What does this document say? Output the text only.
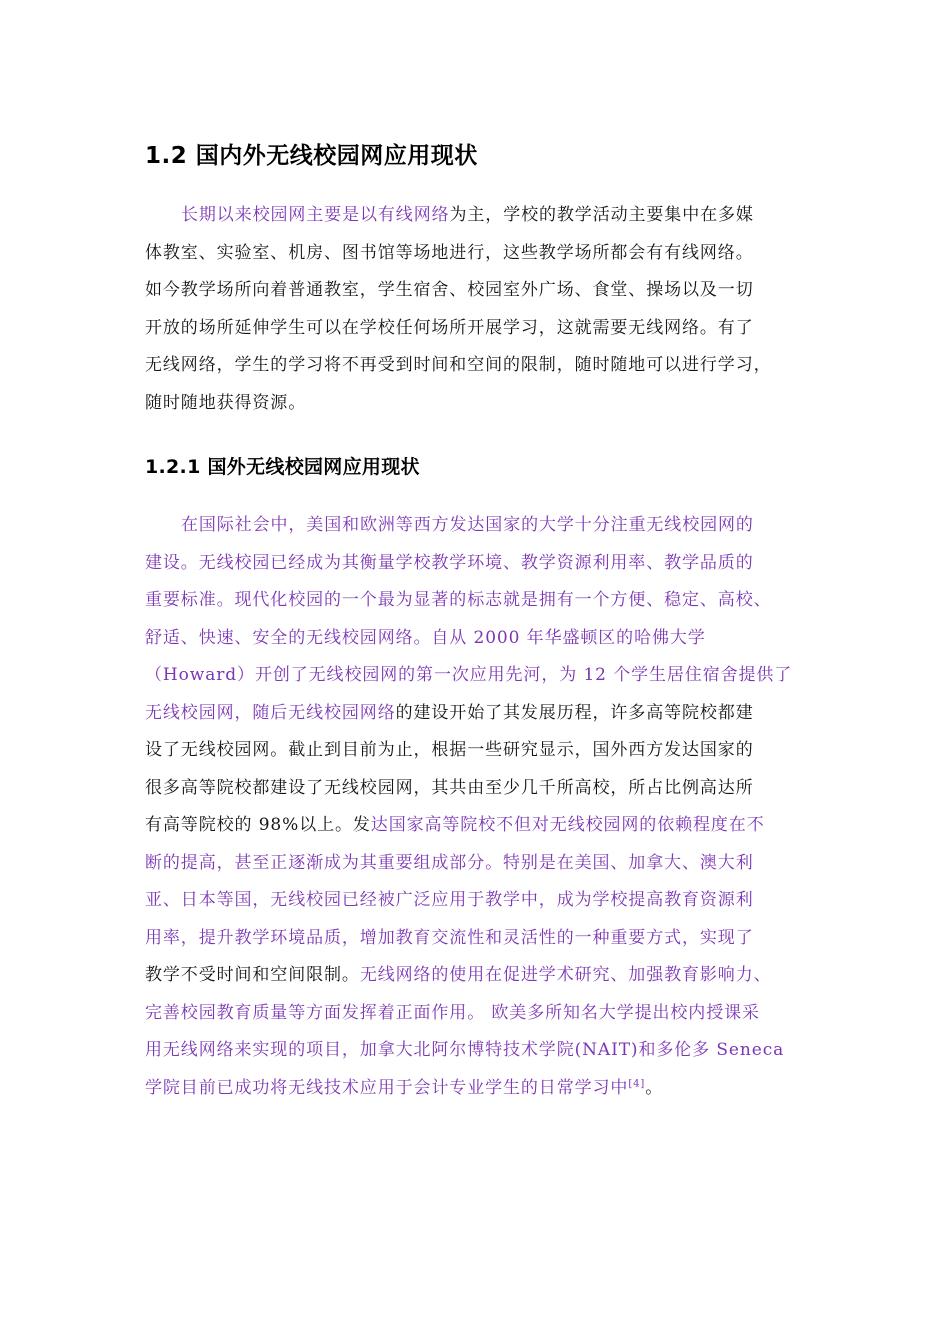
1.2 国内外无线校园网应用现状
长期以来校园网主要是以有线网络为主，学校的教学活动主要集中在多媒
体教室、实验室、机房、图书馆等场地进行，这些教学场所都会有有线网络。
如今教学场所向着普通教室，学生宿舍、校园室外广场、食堂、操场以及一切
开放的场所延伸学生可以在学校任何场所开展学习，这就需要无线网络。有了
无线网络，学生的学习将不再受到时间和空间的限制，随时随地可以进行学习，
随时随地获得资源。
1.2.1 国外无线校园网应用现状
在国际社会中，美国和欧洲等西方发达国家的大学十分注重无线校园网的
建设。无线校园已经成为其衡量学校教学环境、教学资源利用率、教学品质的
重要标准。现代化校园的一个最为显著的标志就是拥有一个方便、稳定、高校、
舒适、快速、安全的无线校园网络。自从 2000 年华盛顿区的哈佛大学
（Howard）开创了无线校园网的第一次应用先河，为 12 个学生居住宿舍提供了
无线校园网，随后无线校园网络的建设开始了其发展历程，许多高等院校都建
设了无线校园网。截止到目前为止，根据一些研究显示，国外西方发达国家的
很多高等院校都建设了无线校园网，其共由至少几千所高校，所占比例高达所
有高等院校的 98%以上。发达国家高等院校不但对无线校园网的依赖程度在不
断的提高，甚至正逐渐成为其重要组成部分。特别是在美国、加拿大、澳大利
亚、日本等国，无线校园已经被广泛应用于教学中，成为学校提高教育资源利
用率，提升教学环境品质，增加教育交流性和灵活性的一种重要方式，实现了
教学不受时间和空间限制。无线网络的使用在促进学术研究、加强教育影响力、
完善校园教育质量等方面发挥着正面作用。 欧美多所知名大学提出校内授课采
用无线网络来实现的项目，加拿大北阿尔博特技术学院(NAIT)和多伦多 Seneca
学院目前已成功将无线技术应用于会计专业学生的日常学习中[4]。
